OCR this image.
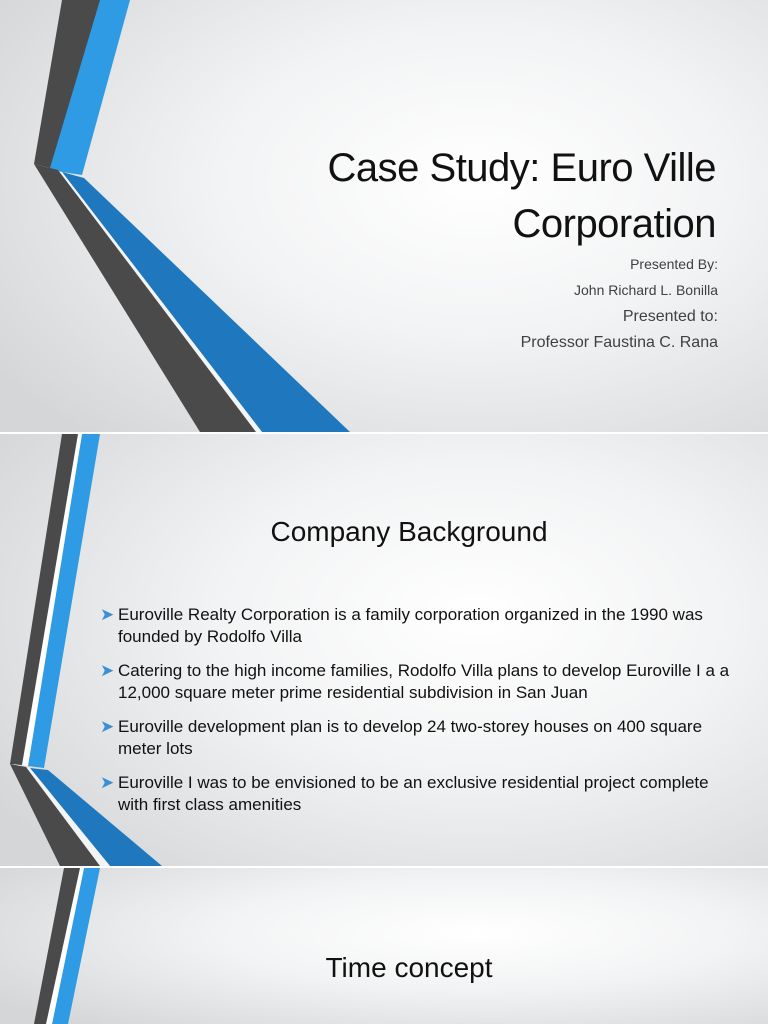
Case Study: Euro Ville Corporation
Presented By:
John Richard L. Bonilla
Presented to:
Professor Faustina C. Rana
Company Background
➤ Euroville Realty Corporation is a family corporation organized in the 1990 was founded by Rodolfo Villa
➤ Catering to the high income families, Rodolfo Villa plans to develop Euroville I a a 12,000 square meter prime residential subdivision in San Juan
➤ Euroville development plan is to develop 24 two-storey houses on 400 square meter lots
➤ Euroville I was to be envisioned to be an exclusive residential project complete with first class amenities
Time concept
